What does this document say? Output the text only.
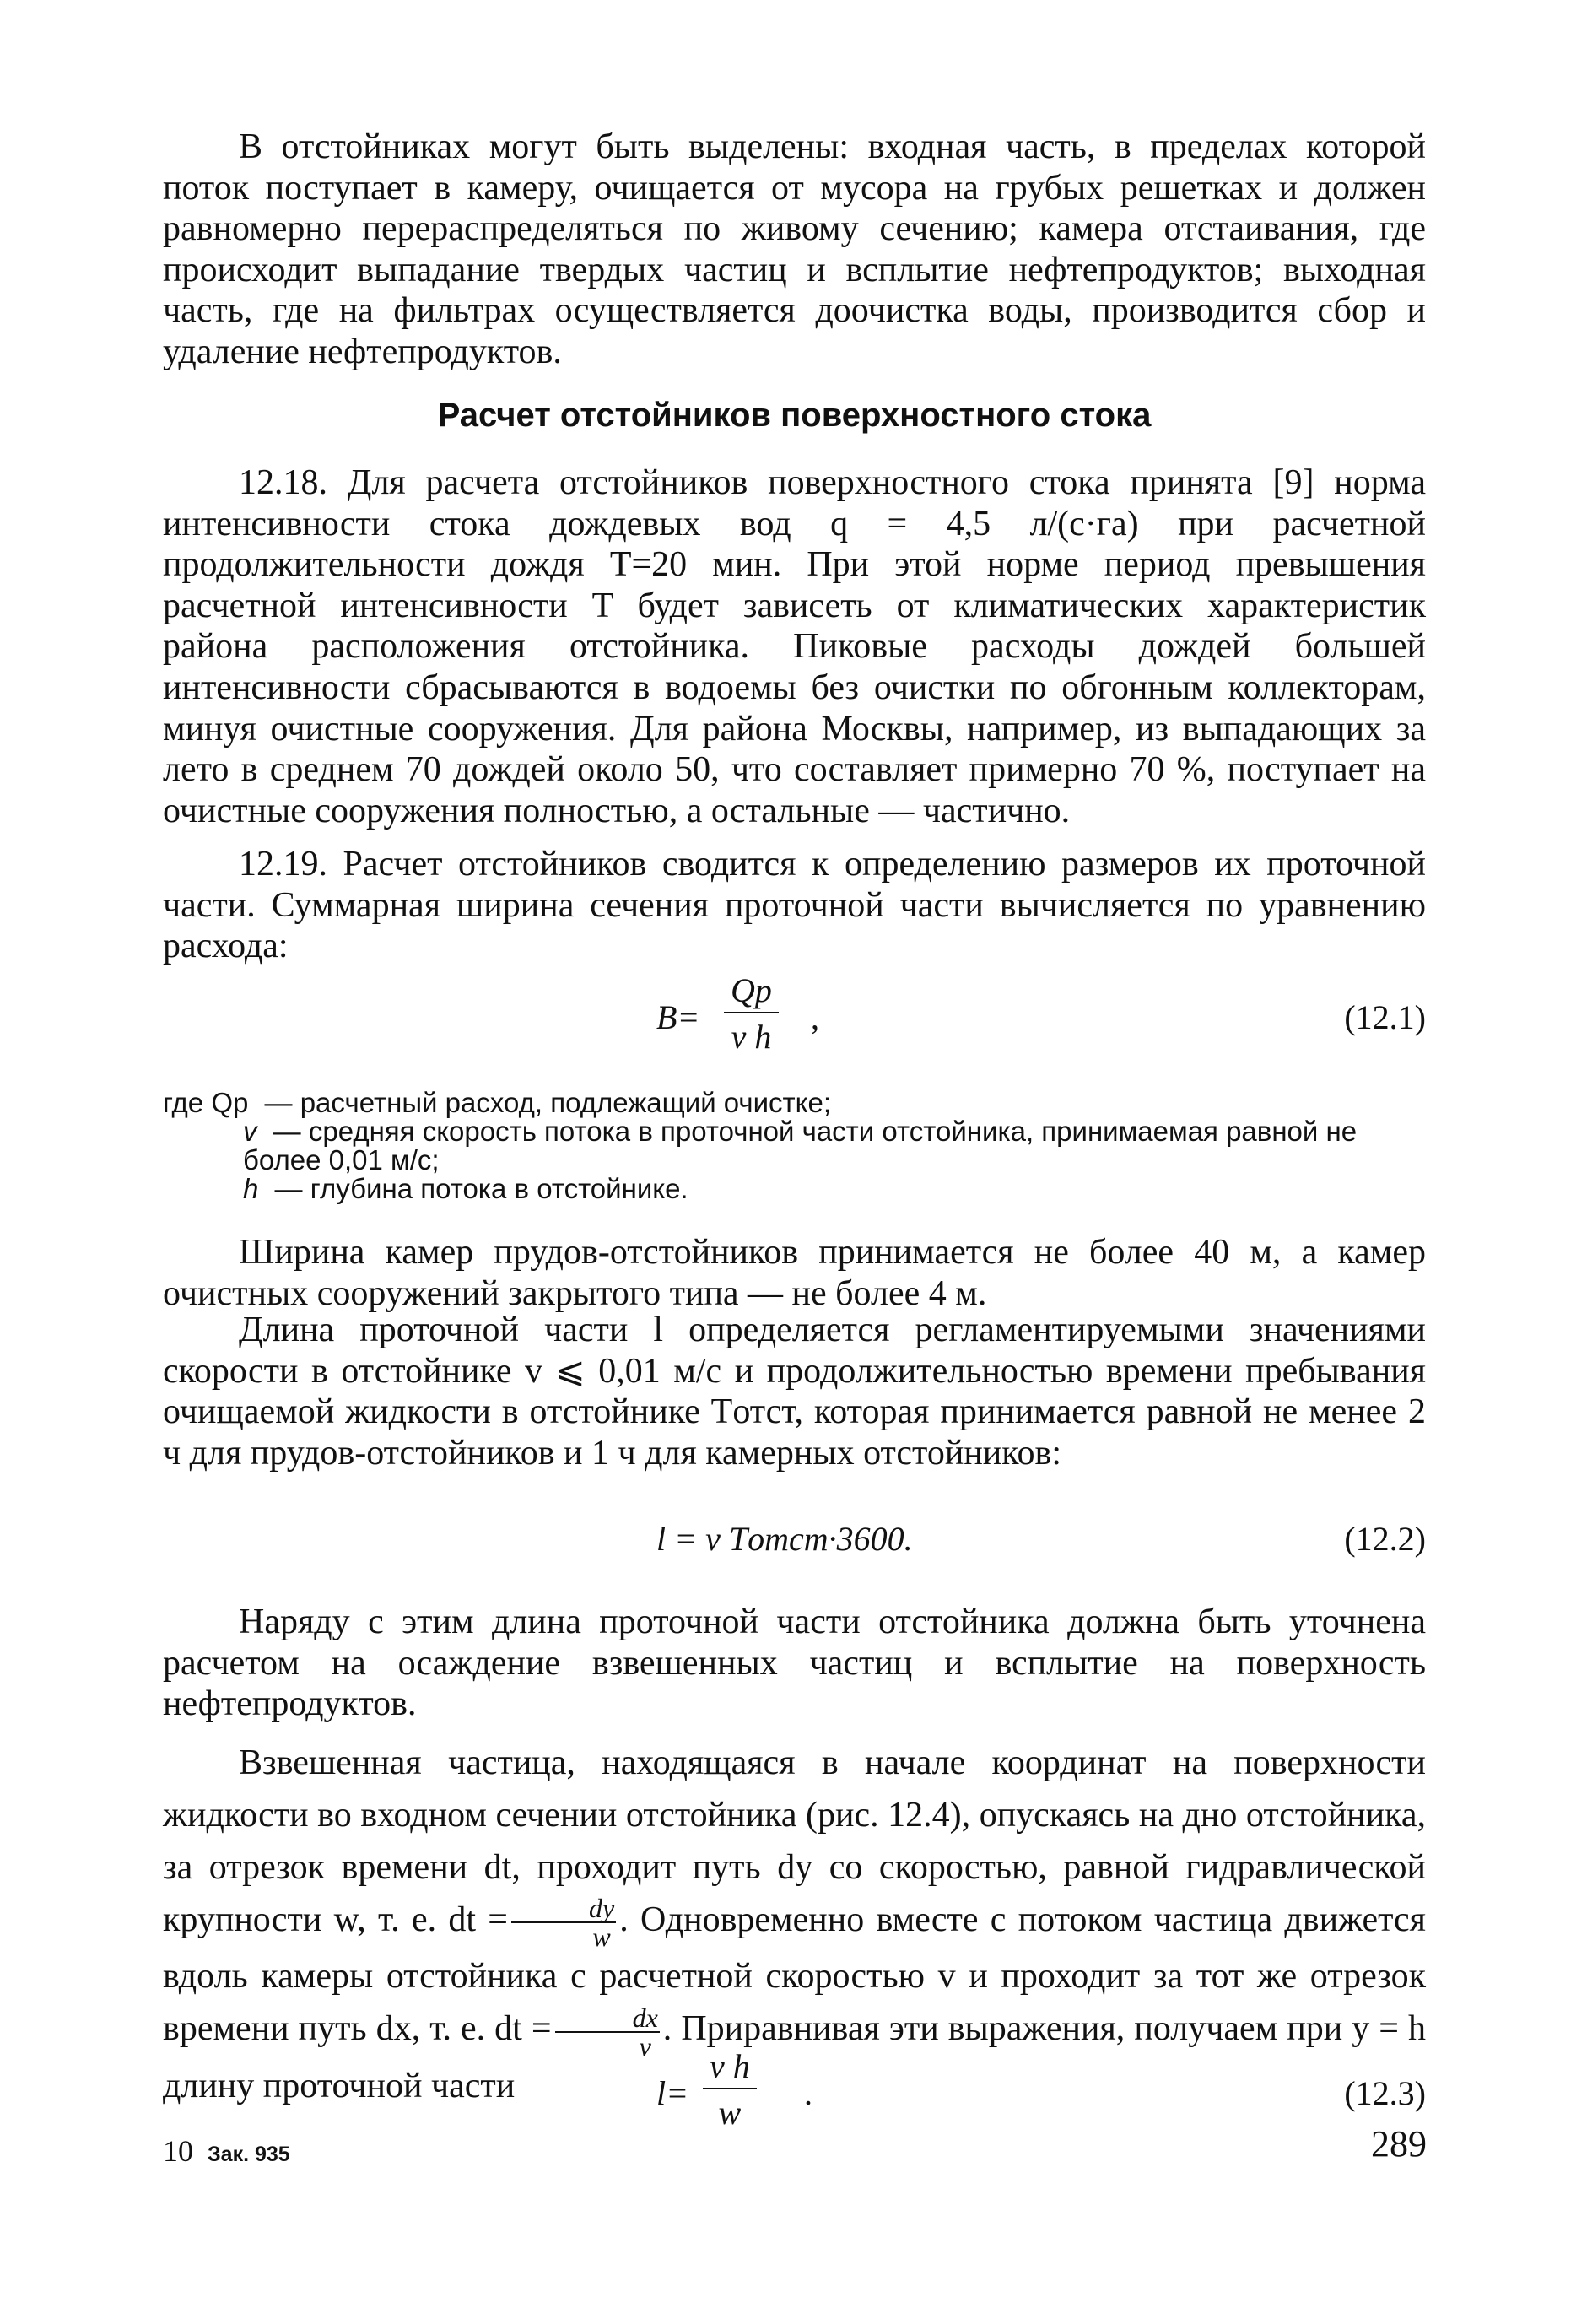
В отстойниках могут быть выделены: входная часть, в пределах которой поток поступает в камеру, очищается от мусора на грубых решетках и должен равномерно перераспределяться по живому сечению; камера отстаивания, где происходит выпадание твердых частиц и всплытие нефтепродуктов; выходная часть, где на фильтрах осуществляется доочистка воды, производится сбор и удаление нефтепродуктов.

Расчет отстойников поверхностного стока

12.18. Для расчета отстойников поверхностного стока принята [9] норма интенсивности стока дождевых вод q = 4,5 л/(с·га) при расчетной продолжительности дождя T=20 мин. При этой норме период превышения расчетной интенсивности T будет зависеть от климатических характеристик района расположения отстойника. Пиковые расходы дождей большей интенсивности сбрасываются в водоемы без очистки по обгонным коллекторам, минуя очистные сооружения. Для района Москвы, например, из выпадающих за лето в среднем 70 дождей около 50, что составляет примерно 70 %, поступает на очистные сооружения полностью, а остальные — частично.

12.19. Расчет отстойников сводится к определению размеров их проточной части. Суммарная ширина сечения проточной части вычисляется по уравнению расхода:

B=
Qр
v h
,	(12.1)
где Qр — расчетный расход, подлежащий очистке;
v — средняя скорость потока в проточной части отстойника, принимаемая равной не более 0,01 м/с;
h — глубина потока в отстойнике.

Ширина камер прудов-отстойников принимается не более 40 м, а камер очистных сооружений закрытого типа — не более 4 м.

Длина проточной части l определяется регламентируемыми значениями скорости в отстойнике v ⩽ 0,01 м/с и продолжительностью времени пребывания очищаемой жидкости в отстойнике Tотст, которая принимается равной не менее 2 ч для прудов-отстойников и 1 ч для камерных отстойников:

l = v Tотст·3600.	(12.2)

Наряду с этим длина проточной части отстойника должна быть уточнена расчетом на осаждение взвешенных частиц и всплытие на поверхность нефтепродуктов.

Взвешенная частица, находящаяся в начале координат на поверхности жидкости во входном сечении отстойника (рис. 12.4), опускаясь на дно отстойника, за отрезок времени dt, проходит путь dy со скоростью, равной гидравлической крупности w, т. е. dt = $\frac{dy}{w}$ . Одновременно вместе с потоком частица движется вдоль камеры отстойника с расчетной скоростью v и проходит за тот же отрезок времени путь dx, т. е. dt = $\frac{dx}{v}$ . Приравнивая эти выражения, получаем при y = h длину проточной части	$l= \frac{\text{v h}}{w}$ .	(12.3)
10 Зак. 935	289
